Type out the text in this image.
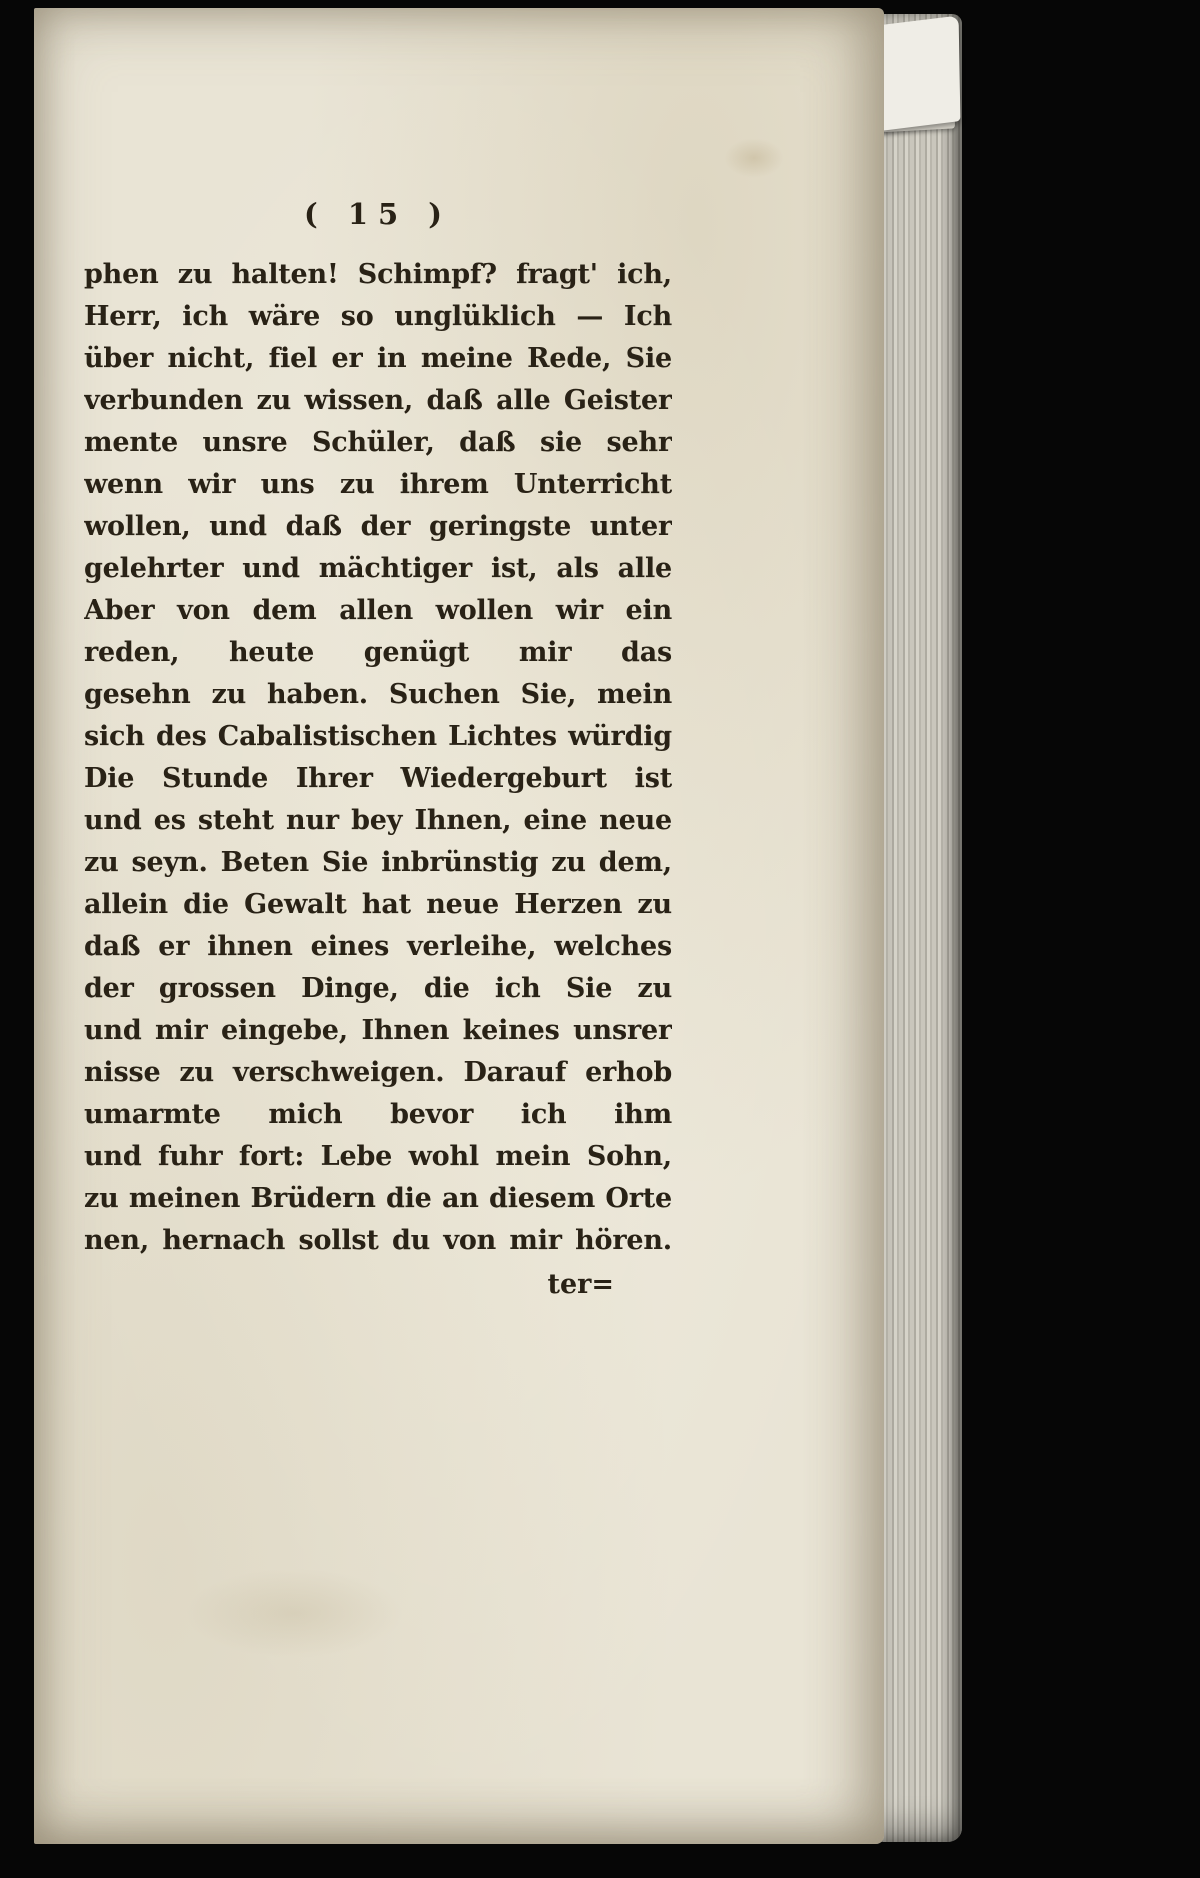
( 15 )
phen zu halten! Schimpf? fragt' ich,
Herr, ich wäre so unglüklich — Ich
über nicht, fiel er in meine Rede, Sie
verbunden zu wissen, daß alle Geister
mente unsre Schüler, daß sie sehr
wenn wir uns zu ihrem Unterricht
wollen, und daß der geringste unter
gelehrter und mächtiger ist, als alle
Aber von dem allen wollen wir ein
reden, heute genügt mir das
gesehn zu haben. Suchen Sie, mein
sich des Cabalistischen Lichtes würdig
Die Stunde Ihrer Wiedergeburt ist
und es steht nur bey Ihnen, eine neue
zu seyn. Beten Sie inbrünstig zu dem,
allein die Gewalt hat neue Herzen zu
daß er ihnen eines verleihe, welches
der grossen Dinge, die ich Sie zu
und mir eingebe, Ihnen keines unsrer
nisse zu verschweigen. Darauf erhob
umarmte mich bevor ich ihm
und fuhr fort: Lebe wohl mein Sohn,
zu meinen Brüdern die an diesem Orte
nen, hernach sollst du von mir hören.
ter=
